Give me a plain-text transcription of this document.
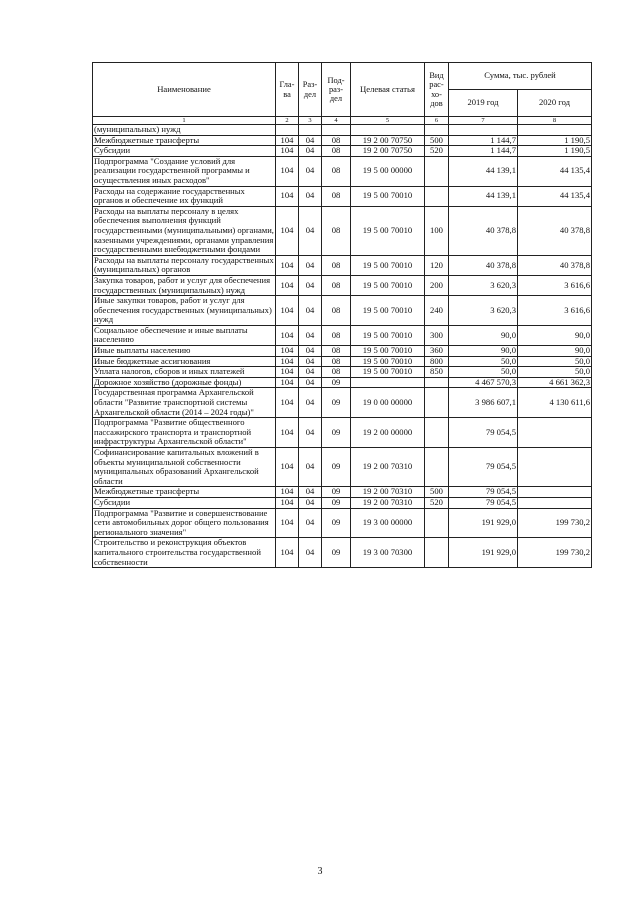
Наименование	Гла-ва	Раз-дел	Под-раз-дел	Целевая статья	Вид рас-хо-дов	Сумма, тыс. рублей	
						2019 год	2020 год
1	2	3	4	5	6	7	8
(муниципальных) нужд							
Межбюджетные трансферты	104	04	08	19 2 00 70750	500	1 144,7	1 190,5
Субсидии	104	04	08	19 2 00 70750	520	1 144,7	1 190,5
Подпрограмма "Создание условий для реализации государственной программы и осуществления иных расходов"	104	04	08	19 5 00 00000		44 139,1	44 135,4
Расходы на содержание государственных органов и обеспечение их функций	104	04	08	19 5 00 70010		44 139,1	44 135,4
Расходы на выплаты персоналу в целях обеспечения выполнения функций государственными (муниципальными) органами, казенными учреждениями, органами управления государственными внебюджетными фондами	104	04	08	19 5 00 70010	100	40 378,8	40 378,8
Расходы на выплаты персоналу государственных (муниципальных) органов	104	04	08	19 5 00 70010	120	40 378,8	40 378,8
Закупка товаров, работ и услуг для обеспечения государственных (муниципальных) нужд	104	04	08	19 5 00 70010	200	3 620,3	3 616,6
Иные закупки товаров, работ и услуг для обеспечения государственных (муниципальных) нужд	104	04	08	19 5 00 70010	240	3 620,3	3 616,6
Социальное обеспечение и иные выплаты населению	104	04	08	19 5 00 70010	300	90,0	90,0
Иные выплаты населению	104	04	08	19 5 00 70010	360	90,0	90,0
Иные бюджетные ассигнования	104	04	08	19 5 00 70010	800	50,0	50,0
Уплата налогов, сборов и иных платежей	104	04	08	19 5 00 70010	850	50,0	50,0
Дорожное хозяйство (дорожные фонды)	104	04	09			4 467 570,3	4 661 362,3
Государственная программа Архангельской области "Развитие транспортной системы Архангельской области (2014 – 2024 годы)"	104	04	09	19 0 00 00000		3 986 607,1	4 130 611,6
Подпрограмма "Развитие общественного пассажирского транспорта и транспортной инфраструктуры Архангельской области"	104	04	09	19 2 00 00000		79 054,5	
Софинансирование капитальных вложений в объекты муниципальной собственности муниципальных образований Архангельской области	104	04	09	19 2 00 70310		79 054,5	
Межбюджетные трансферты	104	04	09	19 2 00 70310	500	79 054,5	
Субсидии	104	04	09	19 2 00 70310	520	79 054,5	
Подпрограмма "Развитие и совершенствование сети автомобильных дорог общего пользования регионального значения"	104	04	09	19 3 00 00000		191 929,0	199 730,2
Строительство и реконструкция объектов капитального строительства государственной собственности	104	04	09	19 3 00 70300		191 929,0	199 730,2
3
